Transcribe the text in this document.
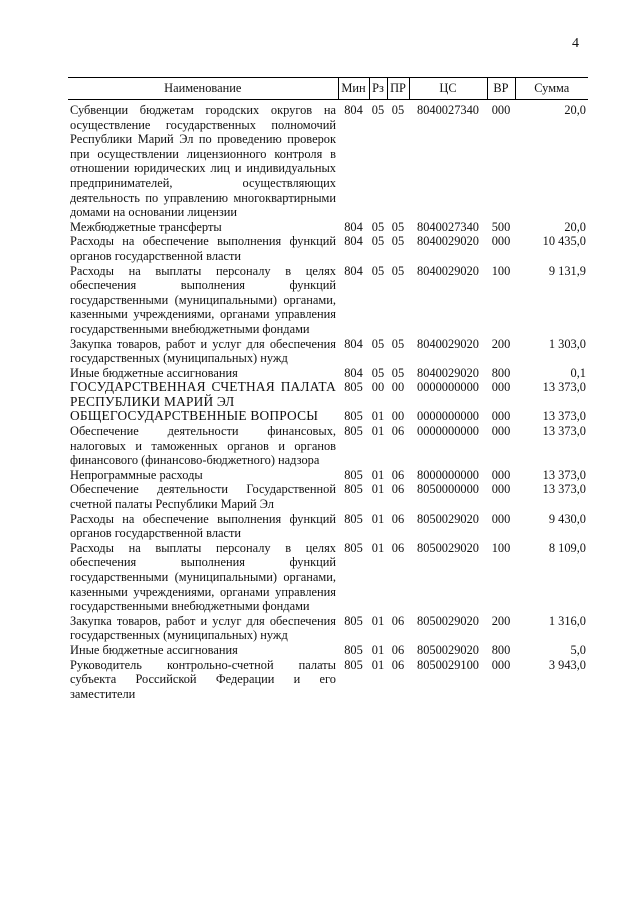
4
Наименование	Мин	Рз	ПР	ЦС	ВР	Сумма
Субвенции бюджетам городских округов на осуществление государственных полномочий Республики Марий Эл по проведению проверок при осуществлении лицензионного контроля в отношении юридических лиц и индивидуальных предпринимателей, осуществляющих деятельность по управлению многоквартирными домами на основании лицензии	804	05	05	8040027340	000	20,0
Межбюджетные трансферты	804	05	05	8040027340	500	20,0
Расходы на обеспечение выполнения функций органов государственной власти	804	05	05	8040029020	000	10 435,0
Расходы на выплаты персоналу в целях обеспечения выполнения функций государственными (муниципальными) органами, казенными учреждениями, органами управления государственными внебюджетными фондами	804	05	05	8040029020	100	9 131,9
Закупка товаров, работ и услуг для обеспечения государственных (муниципальных) нужд	804	05	05	8040029020	200	1 303,0
Иные бюджетные ассигнования	804	05	05	8040029020	800	0,1
ГОСУДАРСТВЕННАЯ СЧЕТНАЯ ПАЛАТА РЕСПУБЛИКИ МАРИЙ ЭЛ	805	00	00	0000000000	000	13 373,0
ОБЩЕГОСУДАРСТВЕННЫЕ ВОПРОСЫ	805	01	00	0000000000	000	13 373,0
Обеспечение деятельности финансовых, налоговых и таможенных органов и органов финансового (финансово-бюджетного) надзора	805	01	06	0000000000	000	13 373,0
Непрограммные расходы	805	01	06	8000000000	000	13 373,0
Обеспечение деятельности Государственной счетной палаты Республики Марий Эл	805	01	06	8050000000	000	13 373,0
Расходы на обеспечение выполнения функций органов государственной власти	805	01	06	8050029020	000	9 430,0
Расходы на выплаты персоналу в целях обеспечения выполнения функций государственными (муниципальными) органами, казенными учреждениями, органами управления государственными внебюджетными фондами	805	01	06	8050029020	100	8 109,0
Закупка товаров, работ и услуг для обеспечения государственных (муниципальных) нужд	805	01	06	8050029020	200	1 316,0
Иные бюджетные ассигнования	805	01	06	8050029020	800	5,0
Руководитель контрольно-счетной палаты субъекта Российской Федерации и его заместители	805	01	06	8050029100	000	3 943,0
